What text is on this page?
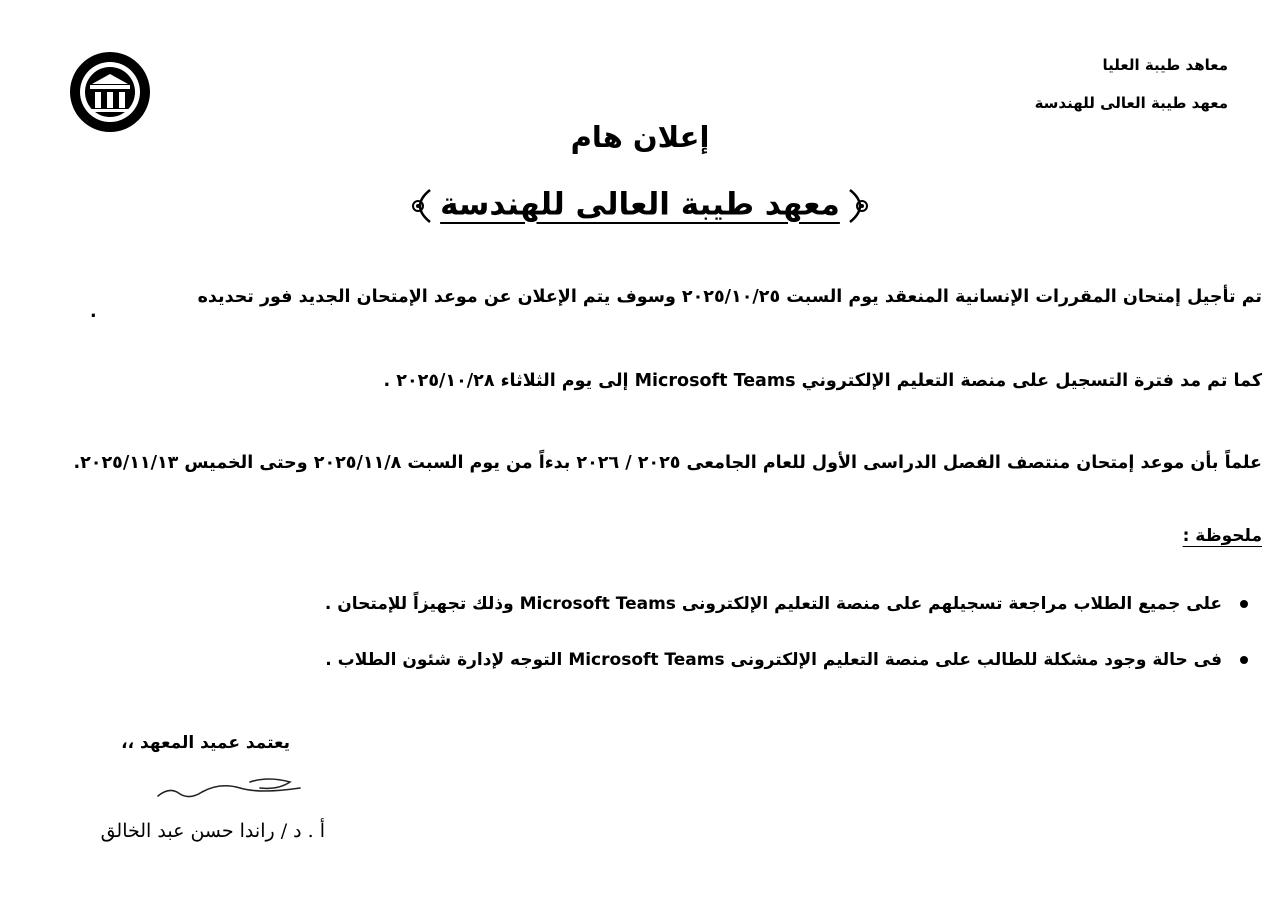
معاهد طيبة العليا
معهد طيبة العالى للهندسة
إعلان هام
معهد طيبة العالى للهندسة
تم تأجيل إمتحان المقررات الإنسانية المنعقد يوم السبت ٢٠٢٥/١٠/٢٥ وسوف يتم الإعلان عن موعد الإمتحان الجديد فور تحديده
.
كما تم مد فترة التسجيل على منصة التعليم الإلكتروني Microsoft Teams إلى يوم الثلاثاء ٢٠٢٥/١٠/٢٨ .
علماً بأن موعد إمتحان منتصف الفصل الدراسى الأول للعام الجامعى ٢٠٢٥ / ٢٠٢٦ بدءاً من يوم السبت ٢٠٢٥/١١/٨ وحتى الخميس ٢٠٢٥/١١/١٣.
ملحوظة :
على جميع الطلاب مراجعة تسجيلهم على منصة التعليم الإلكترونى Microsoft Teams وذلك تجهيزاً للإمتحان .
فى حالة وجود مشكلة للطالب على منصة التعليم الإلكترونى Microsoft Teams التوجه لإدارة شئون الطلاب .
يعتمد عميد المعهد ،،
أ . د / راندا حسن عبد الخالق
